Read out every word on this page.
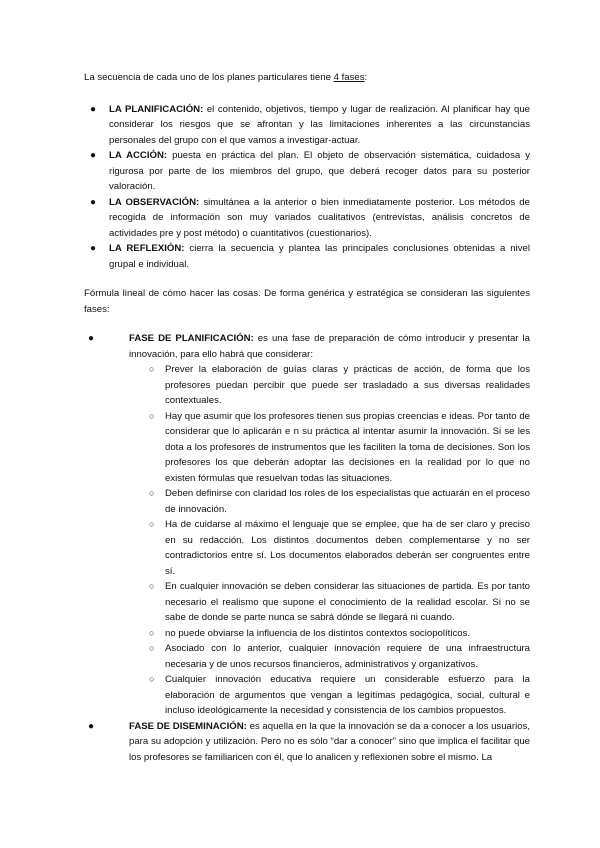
La secuencia de cada uno de los planes particulares tiene 4 fases:

● LA PLANIFICACIÓN: el contenido, objetivos, tiempo y lugar de realización. Al planificar hay que considerar los riesgos que se afrontan y las limitaciones inherentes a las circunstancias personales del grupo con el que vamos a investigar-actuar.
● LA ACCIÓN: puesta en práctica del plan. El objeto de observación sistemática, cuidadosa y rigurosa por parte de los miembros del grupo, que deberá recoger datos para su posterior valoración.
● LA OBSERVACIÓN: simultánea a la anterior o bien inmediatamente posterior. Los métodos de recogida de información son muy variados cualitativos (entrevistas, análisis concretos de actividades pre y post método) o cuantitativos (cuestionarios).
● LA REFLEXIÓN: cierra la secuencia y plantea las principales conclusiones obtenidas a nivel grupal e individual.

Fórmula lineal de cómo hacer las cosas. De forma genérica y estratégica se consideran las siguientes fases:

●	FASE DE PLANIFICACIÓN: es una fase de preparación de cómo introducir y presentar la innovación, para ello habrá que considerar:
○ Prever la elaboración de guías claras y prácticas de acción, de forma que los profesores puedan percibir que puede ser trasladado a sus diversas realidades contextuales.
○ Hay que asumir que los profesores tienen sus propias creencias e ideas. Por tanto de considerar que lo aplicarán e n su práctica al intentar asumir la innovación. Si se les dota a los profesores de instrumentos que les faciliten la toma de decisiones. Son los profesores los que deberán adoptar las decisiones en la realidad por lo que no existen fórmulas que resuelvan todas las situaciones.
○ Deben definirse con claridad los roles de los especialistas que actuarán en el proceso de innovación.
○ Ha de cuidarse al máximo el lenguaje que se emplee, que ha de ser claro y preciso en su redacción. Los distintos documentos deben complementarse y no ser contradictorios entre sí. Los documentos elaborados deberán ser congruentes entre sí.
○ En cualquier innovación se deben considerar las situaciones de partida. Es por tanto necesario el realismo que supone el conocimiento de la realidad escolar. Si no se sabe de donde se parte nunca se sabrá dónde se llegará ni cuando.
○ no puede obviarse la influencia de los distintos contextos sociopolíticos.
○ Asociado con lo anterior, cualquier innovación requiere de una infraestructura necesaria y de unos recursos financieros, administrativos y organizativos.
○ Cualquier innovación educativa requiere un considerable esfuerzo para la elaboración de argumentos que vengan a legítimas pedagógica, social, cultural e incluso ideológicamente la necesidad y consistencia de los cambios propuestos.
●	FASE DE DISEMINACIÓN: es aquella en la que la innovación se da a conocer a los usuarios, para su adopción y utilización. Pero no es sólo “dar a conocer” sino que implica el facilitar que los profesores se familiaricen con él, que lo analicen y reflexionen sobre el mismo. La
